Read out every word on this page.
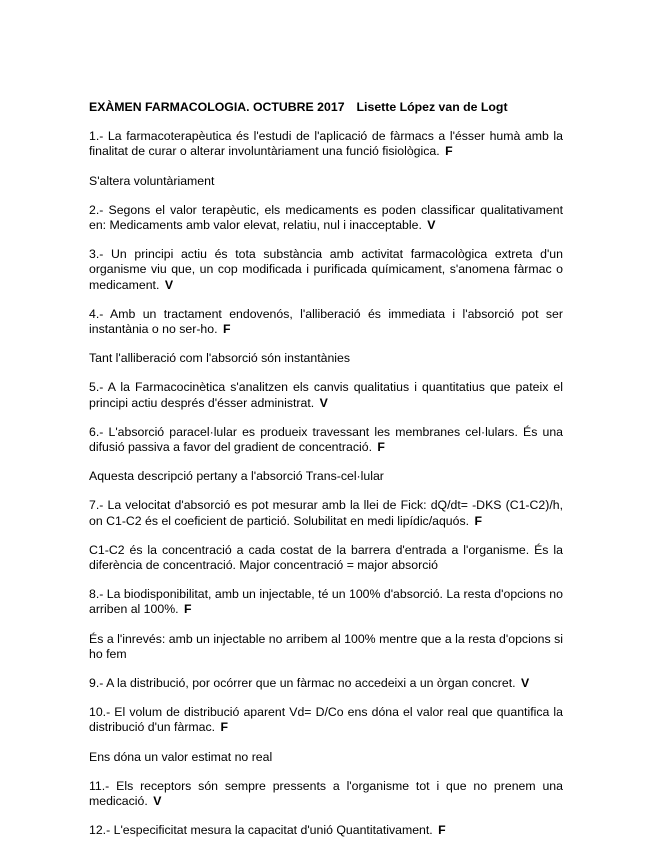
EXÀMEN FARMACOLOGIA. OCTUBRE 2017 Lisette López van de Logt
1.- La farmacoterapèutica és l'estudi de l'aplicació de fàrmacs a l'ésser humà amb la finalitat de curar o alterar involuntàriament una funció fisiològica. F
S'altera voluntàriament
2.- Segons el valor terapèutic, els medicaments es poden classificar qualitativament en: Medicaments amb valor elevat, relatiu, nul i inacceptable. V
3.- Un principi actiu és tota substància amb activitat farmacològica extreta d'un organisme viu que, un cop modificada i purificada químicament, s'anomena fàrmac o medicament. V
4.- Amb un tractament endovenós, l'alliberació és immediata i l'absorció pot ser instantània o no ser-ho. F
Tant l'alliberació com l'absorció són instantànies
5.- A la Farmacocinètica s'analitzen els canvis qualitatius i quantitatius que pateix el principi actiu després d'ésser administrat. V
6.- L'absorció paracel·lular es produeix travessant les membranes cel·lulars. És una difusió passiva a favor del gradient de concentració. F
Aquesta descripció pertany a l'absorció Trans-cel·lular
7.- La velocitat d'absorció es pot mesurar amb la llei de Fick: dQ/dt= -DKS (C1-C2)/h, on C1-C2 és el coeficient de partició. Solubilitat en medi lipídic/aquós. F
C1-C2 és la concentració a cada costat de la barrera d'entrada a l'organisme. És la diferència de concentració. Major concentració = major absorció
8.- La biodisponibilitat, amb un injectable, té un 100% d'absorció. La resta d'opcions no arriben al 100%. F
És a l'inrevés: amb un injectable no arribem al 100% mentre que a la resta d'opcions si ho fem
9.- A la distribució, por ocórrer que un fàrmac no accedeixi a un òrgan concret. V
10.- El volum de distribució aparent Vd= D/Co ens dóna el valor real que quantifica la distribució d'un fàrmac. F
Ens dóna un valor estimat no real
11.- Els receptors són sempre pressents a l'organisme tot i que no prenem una medicació. V
12.- L'especificitat mesura la capacitat d'unió Quantitativament. F
